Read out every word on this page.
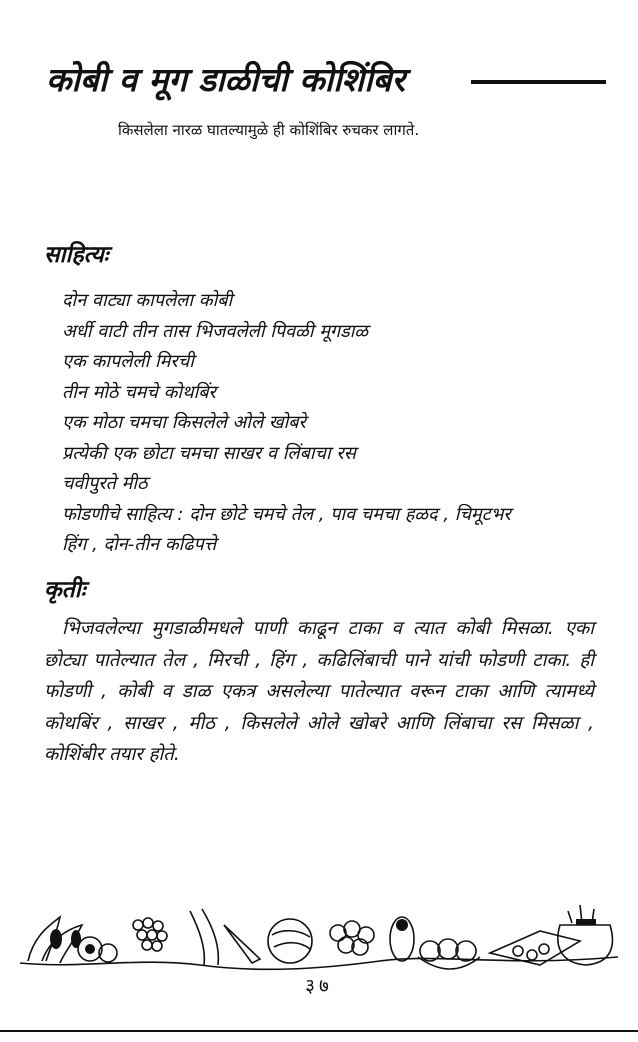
कोबी व मूग डाळीची कोशिंबिर
किसलेला नारळ घातल्यामुळे ही कोशिंबिर रुचकर लागते.
साहित्यः
दोन वाट्या कापलेला कोबी
अर्धी वाटी तीन तास भिजवलेली पिवळी मूगडाळ
एक कापलेली मिरची
तीन मोठे चमचे कोथबिंर
एक मोठा चमचा किसलेले ओले खोबरे
प्रत्येकी एक छोटा चमचा साखर व लिंबाचा रस
चवीपुरते मीठ
फोडणीचे साहित्य : दोन छोटे चमचे तेल , पाव चमचा हळद , चिमूटभर
हिंग , दोन-तीन कढिपत्ते
कृतीः
भिजवलेल्या मुगडाळीमधले पाणी काढून टाका व त्यात कोबी मिसळा. एका छोट्या पातेल्यात तेल , मिरची , हिंग , कढिलिंबाची पाने यांची फोडणी टाका. ही फोडणी , कोबी व डाळ एकत्र असलेल्या पातेल्यात वरून टाका आणि त्यामध्ये कोथबिंर , साखर , मीठ , किसलेले ओले खोबरे आणि लिंबाचा रस मिसळा , कोशिंबीर तयार होते.
३७
